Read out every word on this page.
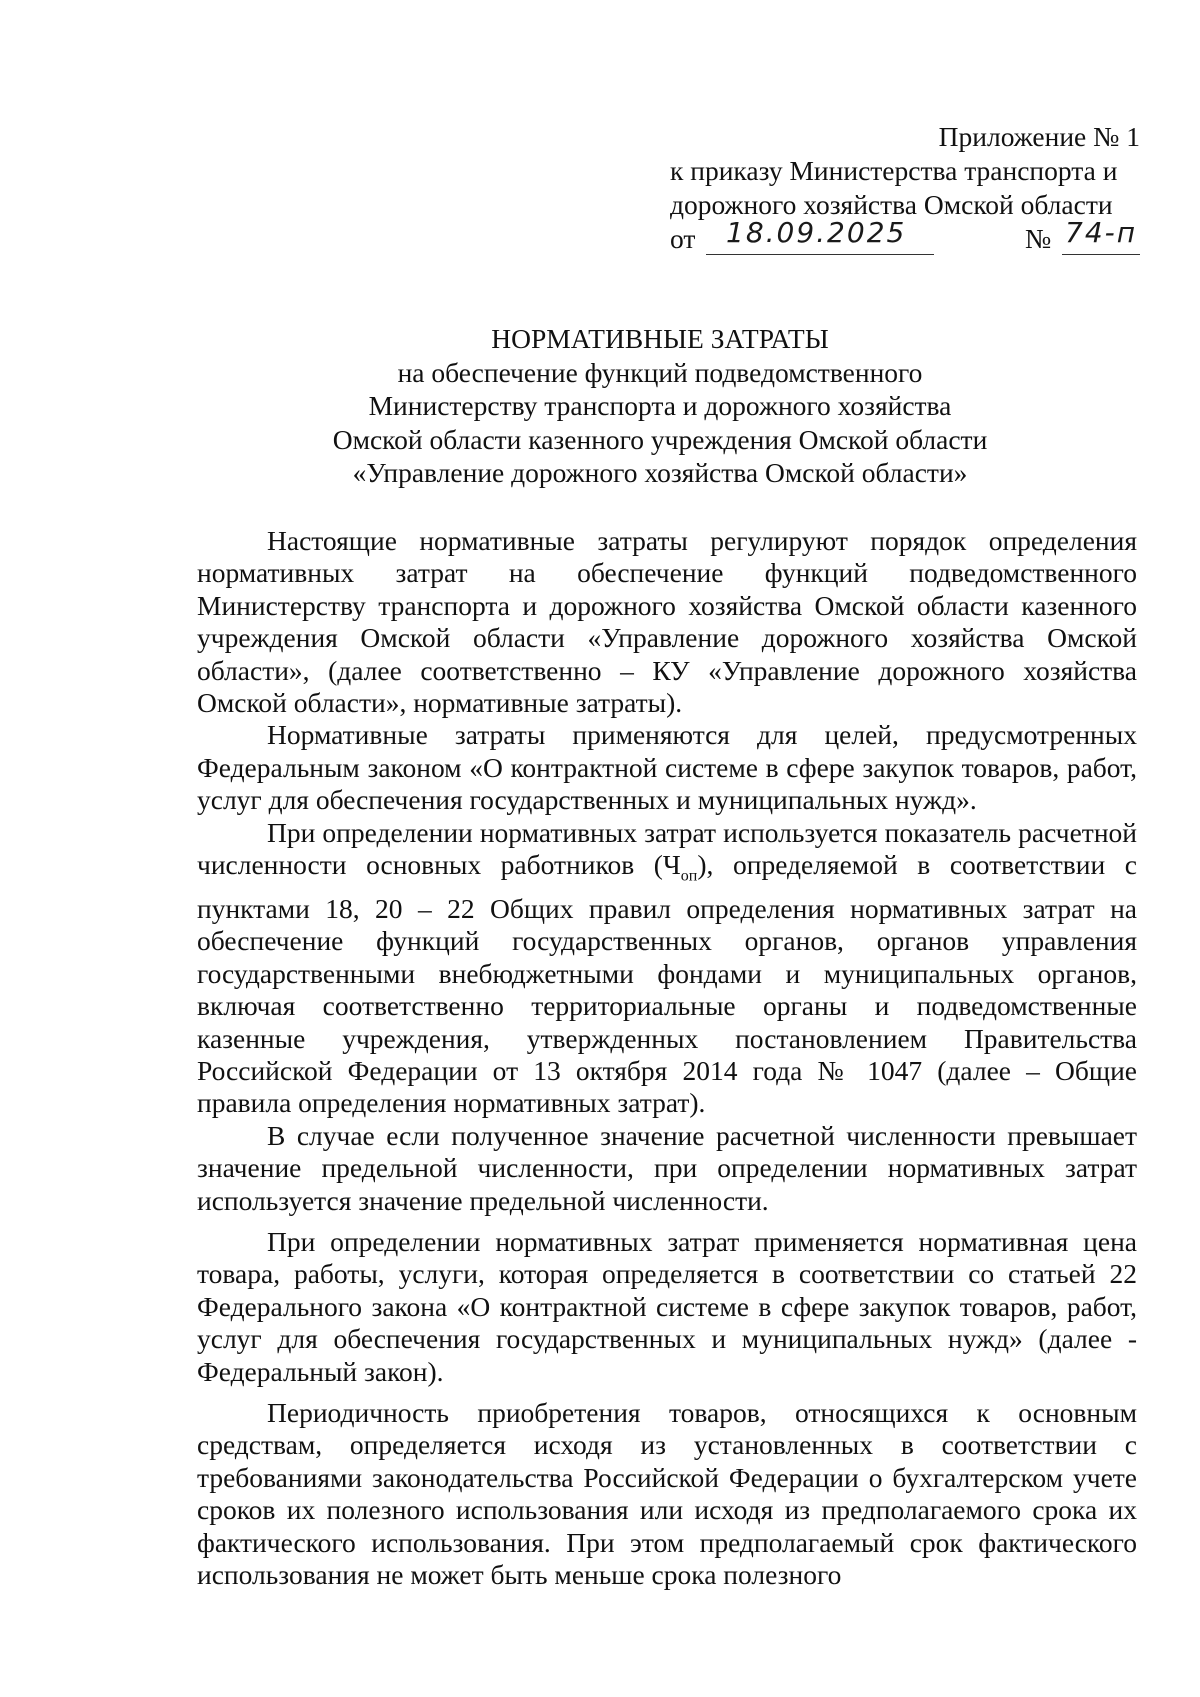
Приложение № 1
к приказу Министерства транспорта и
дорожного хозяйства Омской области
от 18.09.2025	№ 74-п
НОРМАТИВНЫЕ ЗАТРАТЫ
на обеспечение функций подведомственного
Министерству транспорта и дорожного хозяйства
Омской области казенного учреждения Омской области
«Управление дорожного хозяйства Омской области»

Настоящие нормативные затраты регулируют порядок определения нормативных затрат на обеспечение функций подведомственного Министерству транспорта и дорожного хозяйства Омской области казенного учреждения Омской области «Управление дорожного хозяйства Омской области», (далее соответственно – КУ «Управление дорожного хозяйства Омской области», нормативные затраты).

Нормативные затраты применяются для целей, предусмотренных Федеральным законом «О контрактной системе в сфере закупок товаров, работ, услуг для обеспечения государственных и муниципальных нужд».

При определении нормативных затрат используется показатель расчетной численности основных работников $(Ч_{оп})$, определяемой в соответствии с пунктами 18, 20 – 22 Общих правил определения нормативных затрат на обеспечение функций государственных органов, органов управления государственными внебюджетными фондами и муниципальных органов, включая соответственно территориальные органы и подведомственные казенные учреждения, утвержденных постановлением Правительства Российской Федерации от 13 октября 2014 года № 1047 (далее – Общие правила определения нормативных затрат).

В случае если полученное значение расчетной численности превышает значение предельной численности, при определении нормативных затрат используется значение предельной численности.

При определении нормативных затрат применяется нормативная цена товара, работы, услуги, которая определяется в соответствии со статьей 22 Федерального закона «О контрактной системе в сфере закупок товаров, работ, услуг для обеспечения государственных и муниципальных нужд» (далее - Федеральный закон).

Периодичность приобретения товаров, относящихся к основным средствам, определяется исходя из установленных в соответствии с требованиями законодательства Российской Федерации о бухгалтерском учете сроков их полезного использования или исходя из предполагаемого срока их фактического использования. При этом предполагаемый срок фактического использования не может быть меньше срока полезного
